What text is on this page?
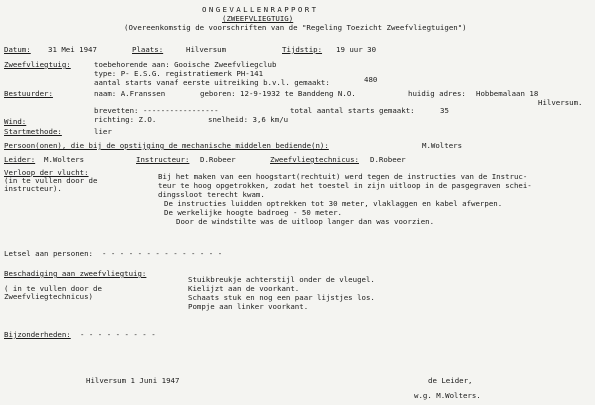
ONGEVALLENRAPPORT
(ZWEEFVLIEGTUIG)
(Overeenkomstig de voorschriften van de "Regeling Toezicht Zweefvliegtuigen")
Datum: 31 Mei 1947	Plaats:	Hilversum	Tijdstip: 19 uur 30
Zweefvliegtuig:	toebehorende aan: Gooische Zweefvliegclub
type: P- E.S.G. registratiemerk PH-141
aantal starts vanaf eerste uitreiking b.v.l. gemaakt:	480
Bestuurder:	naam: A.Franssen	geboren: 12-9-1932 te Banddeng N.O.	huidig adres: Hobbemalaan 18
Hilversum.
brevetten: -----------------	total aantal starts gemaakt:	35
Wind:	richting: Z.O.	snelheid: 3,6 km/u
Startmethode:	lier
Persoon(onen), die bij de opstijging de mechanische middelen bediende(n):	M.Wolters
Leider: M.Wolters	Instructeur: D.Robeer	Zweefvliegtechnicus: D.Robeer
Verloop der vlucht:
(in te vullen door de
instructeur).
Bij het maken van een hoogstart(rechtuit) werd tegen de instructies van de Instruc-
teur te hoog opgetrokken, zodat het toestel in zijn uitloop in de pasgegraven schei-
dingssloot terecht kwam.
De instructies luidden optrekken tot 30 meter, vlaklaggen en kabel afwerpen.
De werkelijke hoogte badroeg - 50 meter.
Door de windstilte was de uitloop langer dan was voorzien.
Letsel aan personen: - - - - - - - - - - - - - -
Beschadiging aan zweefvliegtuig:
( in te vullen door de
Zweefvliegtechnicus)
Stuikbreukje achterstijl onder de vleugel.
Kielijzt aan de voorkant.
Schaats stuk en nog een paar lijstjes los.
Pompje aan linker voorkant.
Bijzonderheden: - - - - - - - - -
Hilversum 1 Juni 1947	de Leider,
w.g. M.Wolters.
